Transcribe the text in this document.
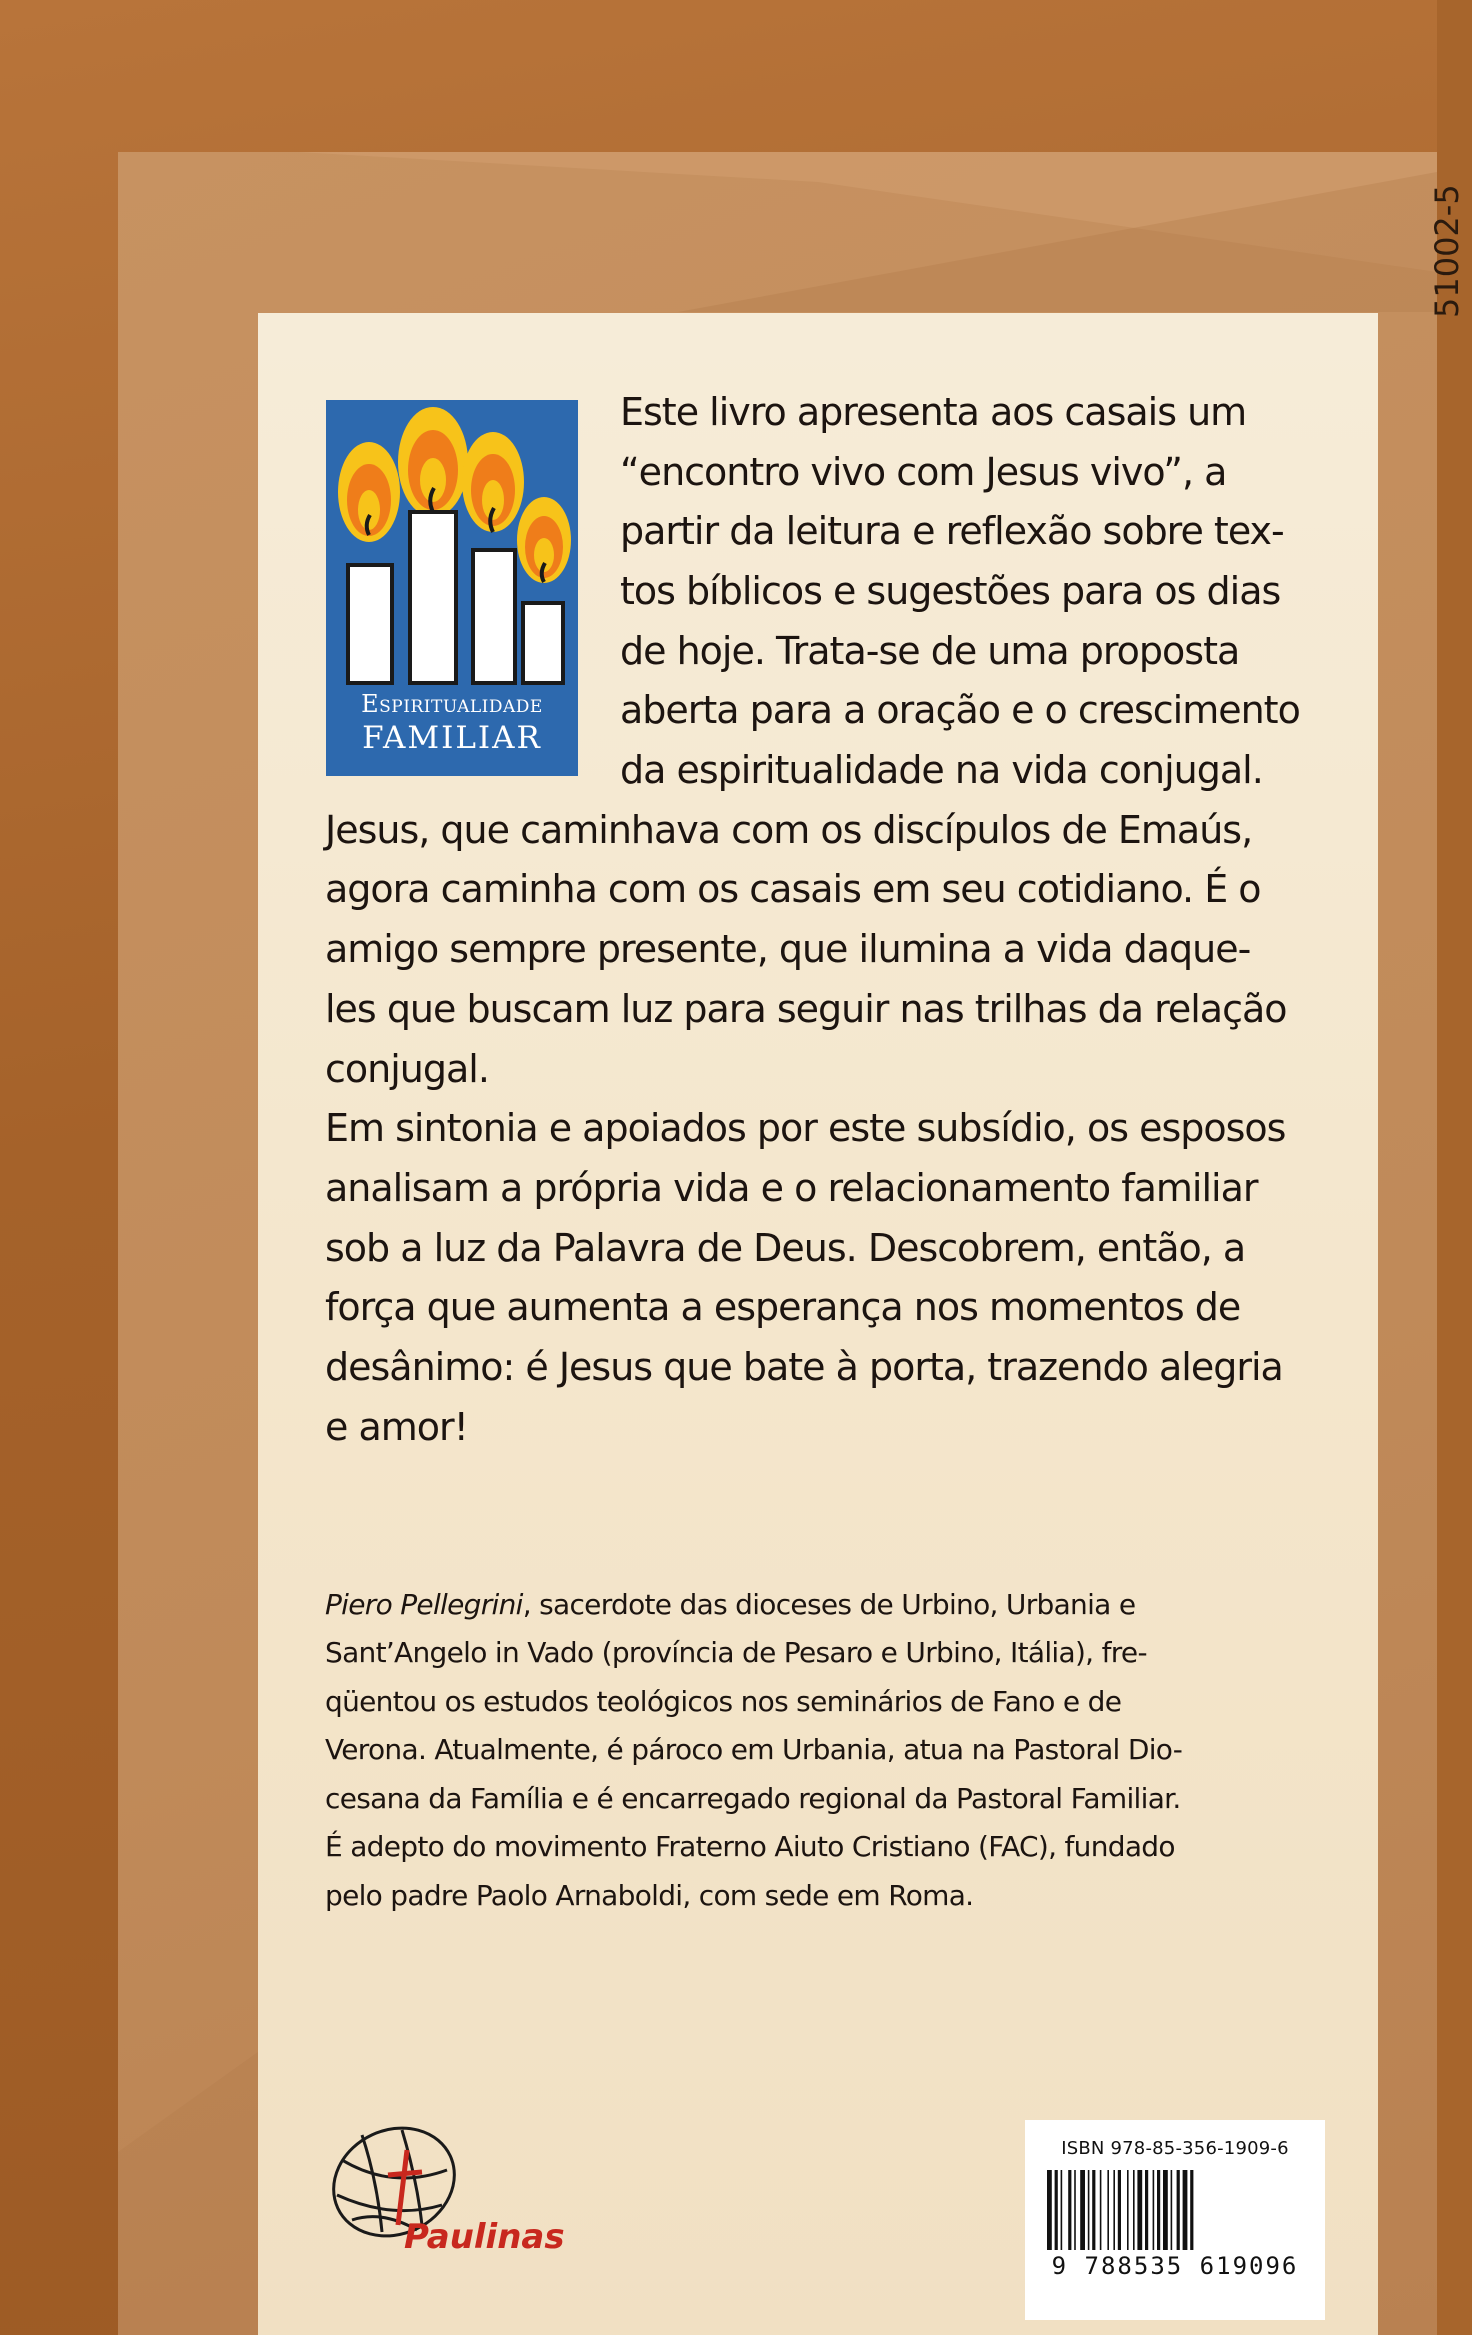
51002-5
Espiritualidade
FAMILIAR

Este livro apresenta aos casais um

“encontro vivo com Jesus vivo”, a

partir da leitura e reflexão sobre tex-

tos bíblicos e sugestões para os dias

de hoje. Trata-se de uma proposta

aberta para a oração e o crescimento

da espiritualidade na vida conjugal.

Jesus, que caminhava com os discípulos de Emaús,

agora caminha com os casais em seu cotidiano. É o

amigo sempre presente, que ilumina a vida daque-

les que buscam luz para seguir nas trilhas da relação

conjugal.

Em sintonia e apoiados por este subsídio, os esposos

analisam a própria vida e o relacionamento familiar

sob a luz da Palavra de Deus. Descobrem, então, a

força que aumenta a esperança nos momentos de

desânimo: é Jesus que bate à porta, trazendo alegria

e amor!

Piero Pellegrini, sacerdote das dioceses de Urbino, Urbania e

Sant’Angelo in Vado (província de Pesaro e Urbino, Itália), fre-

qüentou os estudos teológicos nos seminários de Fano e de

Verona. Atualmente, é pároco em Urbania, atua na Pastoral Dio-

cesana da Família e é encarregado regional da Pastoral Familiar.

É adepto do movimento Fraterno Aiuto Cristiano (FAC), fundado

pelo padre Paolo Arnaboldi, com sede em Roma.

Paulinas
ISBN 978-85-356-1909-6
9 788535 619096
